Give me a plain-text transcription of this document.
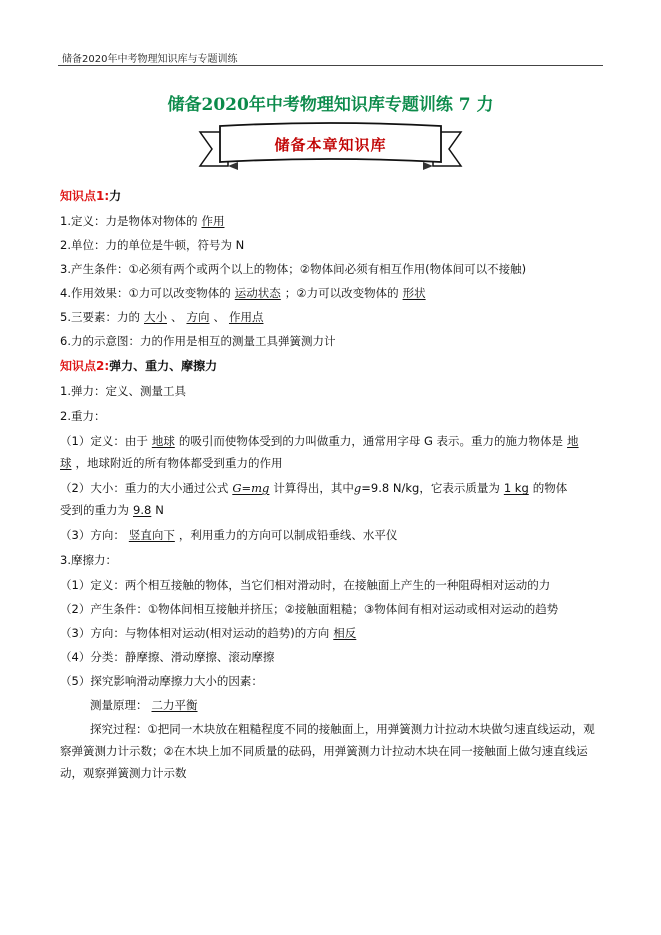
储备2020年中考物理知识库与专题训练
储备2020年中考物理知识库专题训练 7 力
储备本章知识库
知识点1:力
1.定义：力是物体对物体的 作用
2.单位：力的单位是牛顿，符号为 N
3.产生条件：①必须有两个或两个以上的物体；②物体间必须有相互作用(物体间可以不接触)
4.作用效果：①力可以改变物体的 运动状态 ；②力可以改变物体的 形状
5.三要素：力的 大小 、 方向 、 作用点
6.力的示意图：力的作用是相互的测量工具弹簧测力计
知识点2:弹力、重力、摩擦力
1.弹力：定义、测量工具
2.重力：
（1）定义：由于 地球 的吸引而使物体受到的力叫做重力，通常用字母 G 表示。重力的施力物体是 地
球 ，地球附近的所有物体都受到重力的作用
（2）大小：重力的大小通过公式 G=mg 计算得出，其中g=9.8 N/kg，它表示质量为 1 kg 的物体
受到的重力为 9.8 N
（3）方向： 竖直向下 ，利用重力的方向可以制成铅垂线、水平仪
3.摩擦力：
（1）定义：两个相互接触的物体，当它们相对滑动时，在接触面上产生的一种阻碍相对运动的力
（2）产生条件：①物体间相互接触并挤压；②接触面粗糙；③物体间有相对运动或相对运动的趋势
（3）方向：与物体相对运动(相对运动的趋势)的方向 相反
（4）分类：静摩擦、滑动摩擦、滚动摩擦
（5）探究影响滑动摩擦力大小的因素：
测量原理： 二力平衡
探究过程：①把同一木块放在粗糙程度不同的接触面上，用弹簧测力计拉动木块做匀速直线运动，观
察弹簧测力计示数；②在木块上加不同质量的砝码，用弹簧测力计拉动木块在同一接触面上做匀速直线运
动，观察弹簧测力计示数
